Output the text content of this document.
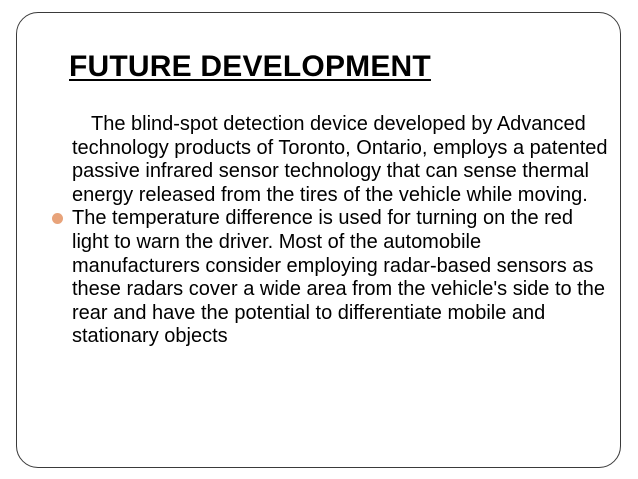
FUTURE DEVELOPMENT

The blind-spot detection device developed by Advanced technology products of Toronto, Ontario, employs a patented passive infrared sensor technology that can sense thermal energy released from the tires of the vehicle while moving.

The temperature difference is used for turning on the red light to warn the driver. Most of the automobile manufacturers consider employing radar-based sensors as these radars cover a wide area from the vehicle's side to the rear and have the potential to differentiate mobile and stationary objects
